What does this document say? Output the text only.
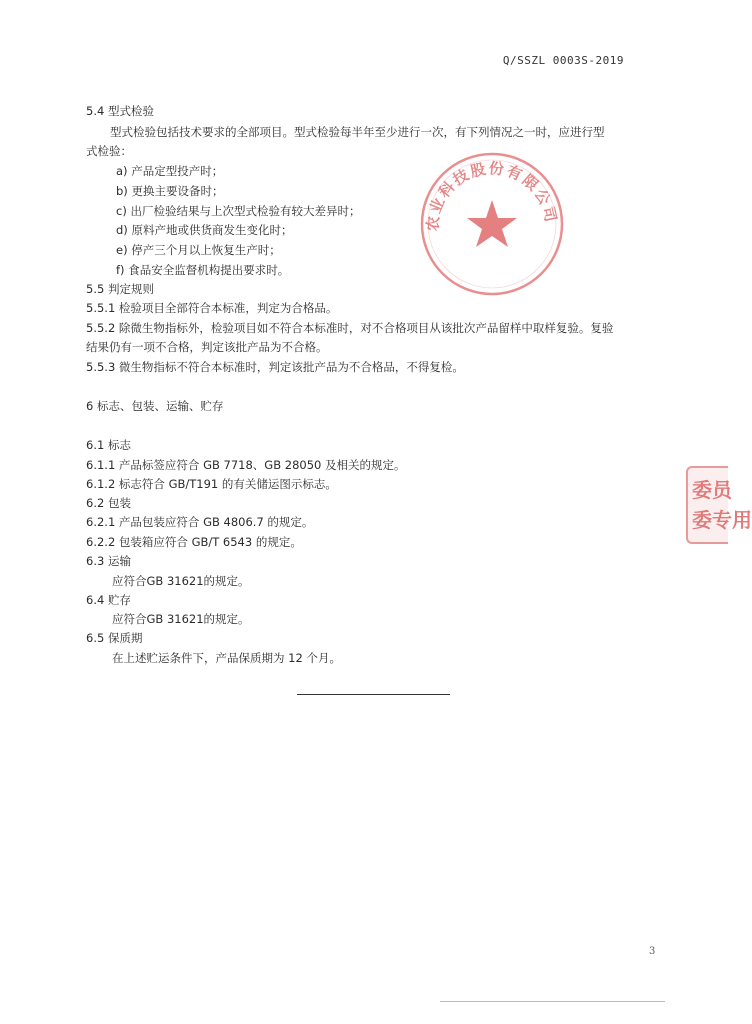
Q/SSZL 0003S-2019
5.4 型式检验
型式检验包括技术要求的全部项目。型式检验每半年至少进行一次，有下列情况之一时，应进行型
式检验：
a) 产品定型投产时；
b) 更换主要设备时；
c) 出厂检验结果与上次型式检验有较大差异时；
d) 原料产地或供货商发生变化时；
e) 停产三个月以上恢复生产时；
f) 食品安全监督机构提出要求时。
5.5 判定规则
5.5.1 检验项目全部符合本标准，判定为合格品。
5.5.2 除微生物指标外，检验项目如不符合本标准时，对不合格项目从该批次产品留样中取样复验。复验
结果仍有一项不合格，判定该批产品为不合格。
5.5.3 微生物指标不符合本标准时，判定该批产品为不合格品，不得复检。
6 标志、包装、运输、贮存
6.1 标志
6.1.1 产品标签应符合 GB 7718、GB 28050 及相关的规定。
6.1.2 标志符合 GB/T191 的有关储运图示标志。
6.2 包装
6.2.1 产品包装应符合 GB 4806.7 的规定。
6.2.2 包装箱应符合 GB/T 6543 的规定。
6.3 运输
应符合GB 31621的规定。
6.4 贮存
应符合GB 31621的规定。
6.5 保质期
在上述贮运条件下，产品保质期为 12 个月。
农业科技股份有限公司
委员
委专用
3
